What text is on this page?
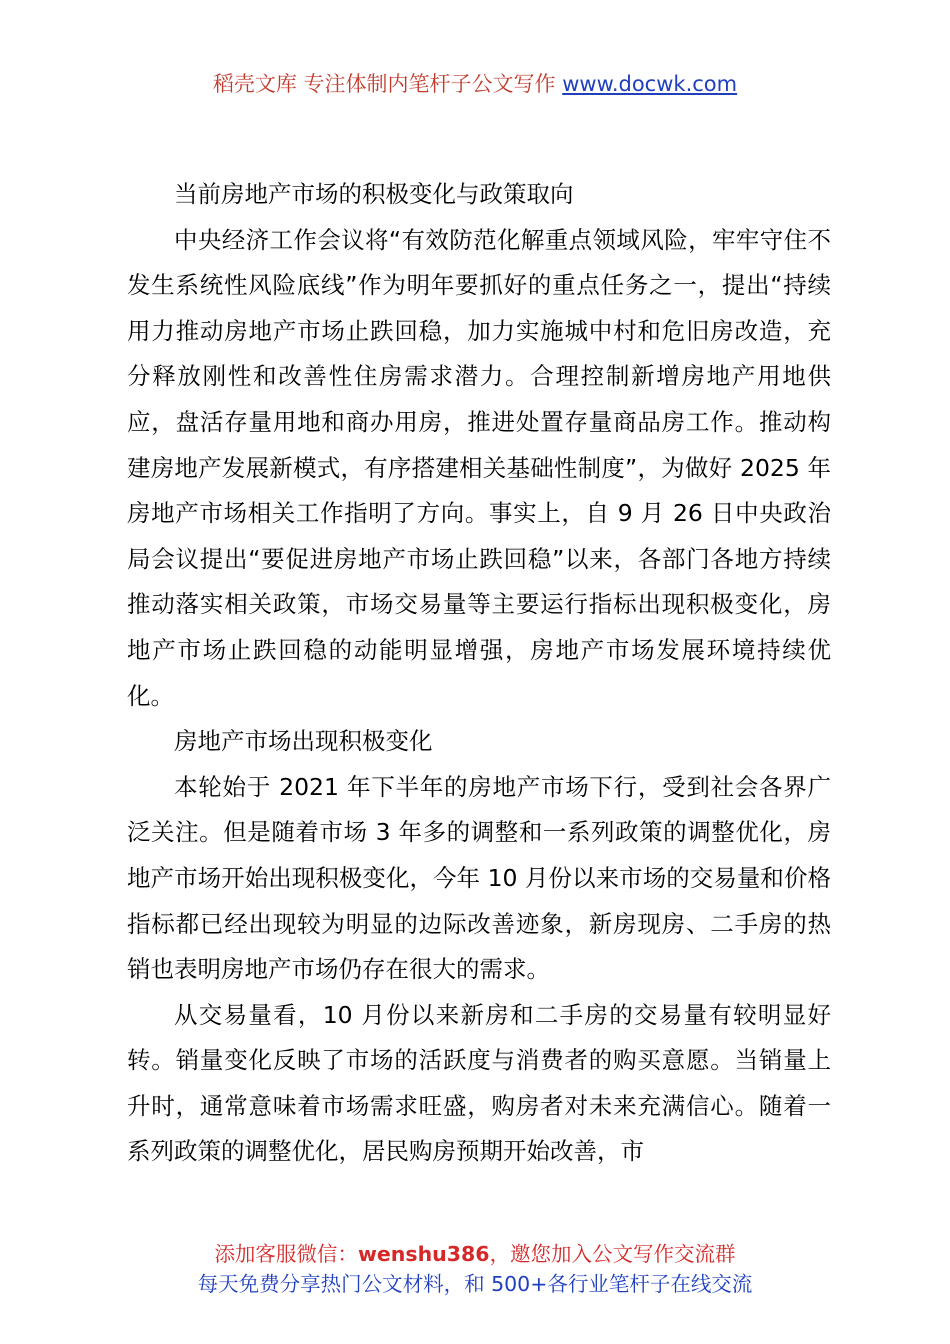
稻壳文库 专注体制内笔杆子公文写作 www.docwk.com

当前房地产市场的积极变化与政策取向

中央经济工作会议将“有效防范化解重点领域风险，牢牢守住不发生系统性风险底线”作为明年要抓好的重点任务之一，提出“持续用力推动房地产市场止跌回稳，加力实施城中村和危旧房改造，充分释放刚性和改善性住房需求潜力。合理控制新增房地产用地供应，盘活存量用地和商办用房，推进处置存量商品房工作。推动构建房地产发展新模式，有序搭建相关基础性制度”，为做好 2025 年房地产市场相关工作指明了方向。事实上，自 9 月 26 日中央政治局会议提出“要促进房地产市场止跌回稳”以来，各部门各地方持续推动落实相关政策，市场交易量等主要运行指标出现积极变化，房地产市场止跌回稳的动能明显增强，房地产市场发展环境持续优化。

房地产市场出现积极变化

本轮始于 2021 年下半年的房地产市场下行，受到社会各界广泛关注。但是随着市场 3 年多的调整和一系列政策的调整优化，房地产市场开始出现积极变化，今年 10 月份以来市场的交易量和价格指标都已经出现较为明显的边际改善迹象，新房现房、二手房的热销也表明房地产市场仍存在很大的需求。

从交易量看，10 月份以来新房和二手房的交易量有较明显好转。销量变化反映了市场的活跃度与消费者的购买意愿。当销量上升时，通常意味着市场需求旺盛，购房者对未来充满信心。随着一系列政策的调整优化，居民购房预期开始改善，市

添加客服微信：wenshu386，邀您加入公文写作交流群
每天免费分享热门公文材料，和 500+各行业笔杆子在线交流
